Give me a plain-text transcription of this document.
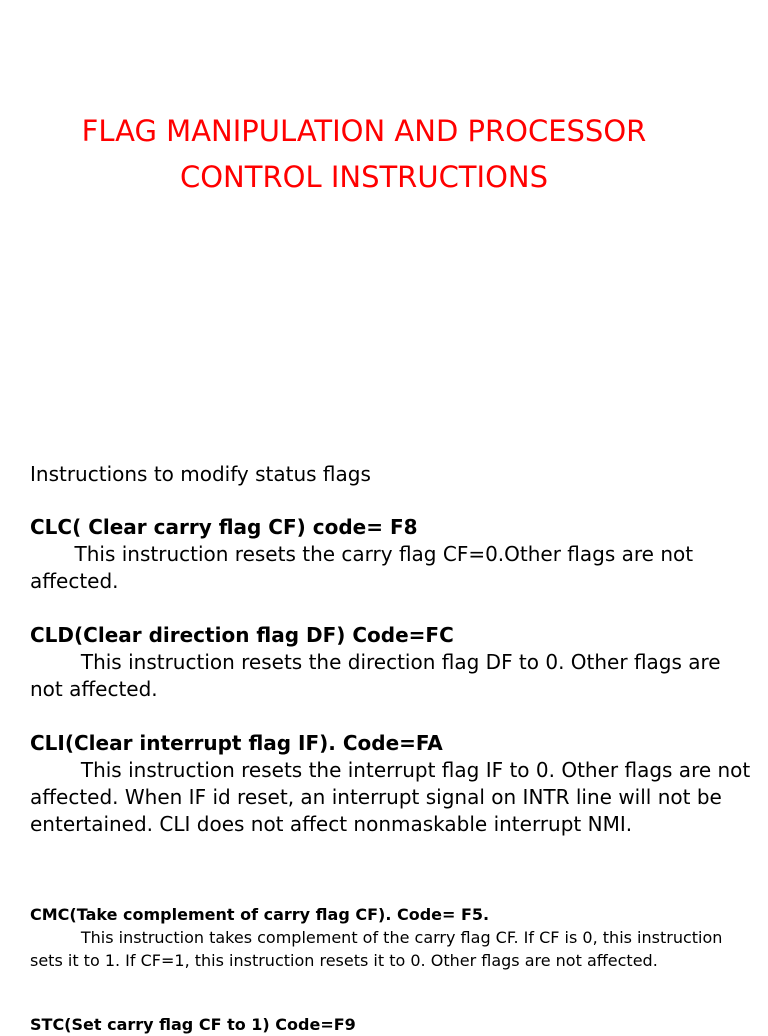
FLAG MANIPULATION AND PROCESSOR
CONTROL INSTRUCTIONS
Instructions to modify status flags

CLC( Clear carry flag CF) code= F8

This instruction resets the carry flag CF=0.Other flags are not affected.

CLD(Clear direction flag DF) Code=FC

This instruction resets the direction flag DF to 0. Other flags are not affected.

CLI(Clear interrupt flag IF). Code=FA

This instruction resets the interrupt flag IF to 0. Other flags are not affected. When IF id reset, an interrupt signal on INTR line will not be entertained. CLI does not affect nonmaskable interrupt NMI.

CMC(Take complement of carry flag CF). Code= F5.

This instruction takes complement of the carry flag CF. If CF is 0, this instruction sets it to 1. If CF=1, this instruction resets it to 0. Other flags are not affected.

STC(Set carry flag CF to 1) Code=F9
